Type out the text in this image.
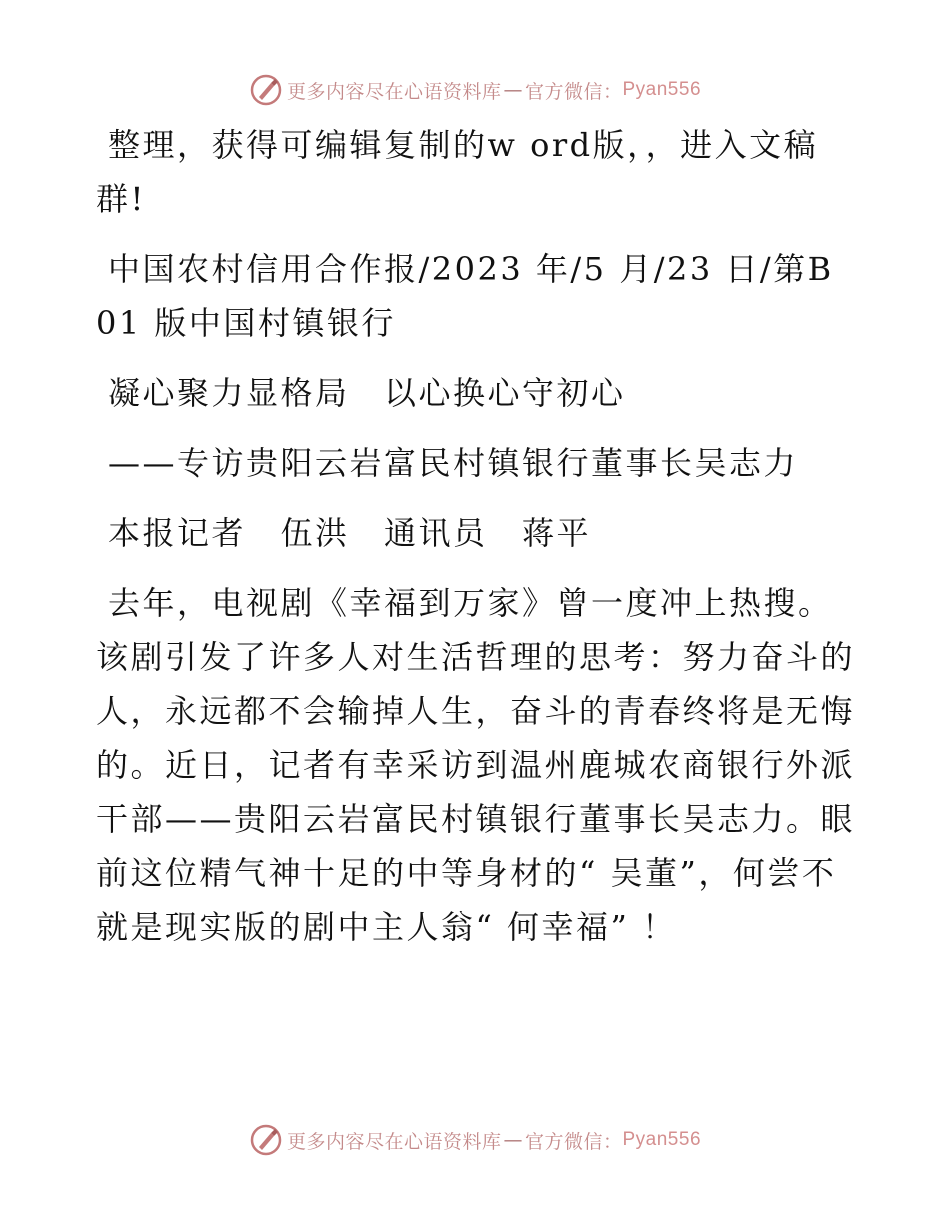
更多内容尽在心语资料库 — 官方微信： Pyan556

整理，获得可编辑复制的w ord版，，进入文稿群!

中国农村信用合作报/2023 年/5 月/23 日/第B01 版中国村镇银行

凝心聚力显格局　以心换心守初心

——专访贵阳云岩富民村镇银行董事长吴志力

本报记者　伍洪　通讯员　蒋平

去年，电视剧《幸福到万家》曾一度冲上热搜。该剧引发了许多人对生活哲理的思考：努力奋斗的人，永远都不会输掉人生，奋斗的青春终将是无悔的。近日，记者有幸采访到温州鹿城农商银行外派干部——贵阳云岩富民村镇银行董事长吴志力。眼前这位精气神十足的中等身材的“ 吴董”，何尝不就是现实版的剧中主人翁“ 何幸福” ！

更多内容尽在心语资料库 — 官方微信： Pyan556
